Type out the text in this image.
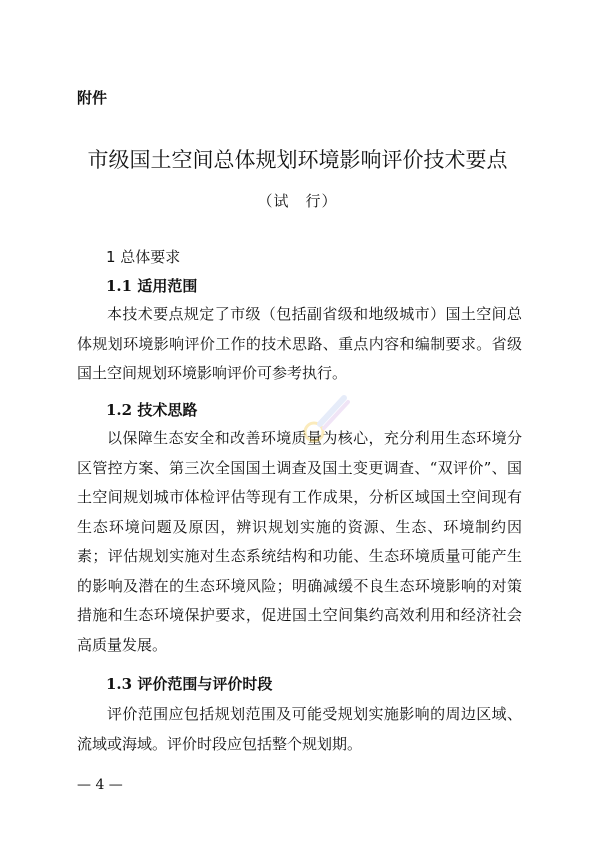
附件
市级国土空间总体规划环境影响评价技术要点
（试　行）
1 总体要求
1.1 适用范围
本技术要点规定了市级（包括副省级和地级城市）国土空间总体规划环境影响评价工作的技术思路、重点内容和编制要求。省级国土空间规划环境影响评价可参考执行。
1.2 技术思路
以保障生态安全和改善环境质量为核心，充分利用生态环境分区管控方案、第三次全国国土调查及国土变更调查、“双评价”、国土空间规划城市体检评估等现有工作成果，分析区域国土空间现有生态环境问题及原因，辨识规划实施的资源、生态、环境制约因素；评估规划实施对生态系统结构和功能、生态环境质量可能产生的影响及潜在的生态环境风险；明确减缓不良生态环境影响的对策措施和生态环境保护要求，促进国土空间集约高效利用和经济社会高质量发展。
1.3 评价范围与评价时段
评价范围应包括规划范围及可能受规划实施影响的周边区域、流域或海域。评价时段应包括整个规划期。
— 4 —
